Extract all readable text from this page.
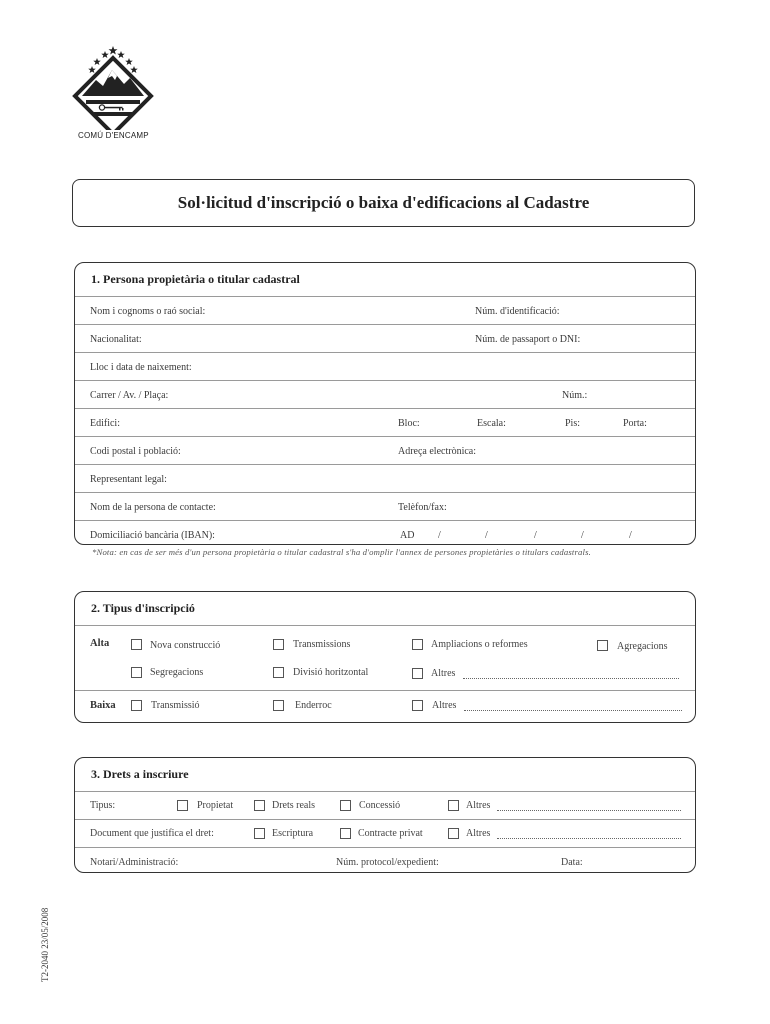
COMÚ D'ENCAMP
Sol·licitud d'inscripció o baixa d'edificacions al Cadastre
1. Persona propietària o titular cadastral
Nom i cognoms o raó social:	Núm. d'identificació:
Nacionalitat:	Núm. de passaport o DNI:
Lloc i data de naixement:
Carrer / Av. / Plaça:	Núm.:
Edifici:	Bloc:	Escala:	Pis:	Porta:
Codi postal i població:	Adreça electrònica:
Representant legal:
Nom de la persona de contacte:	Telèfon/fax:
Domiciliació bancària (IBAN):	AD /	/	/	/	/
*Nota: en cas de ser més d'un persona propietària o titular cadastral s'ha d'omplir l'annex de persones propietàries o titulars cadastrals.
2. Tipus d'inscripció
Alta	Nova construcció	Transmissions	Ampliacions o reformes	Agregacions
Segregacions	Divisió horitzontal	Altres
Baixa	Transmissió	Enderroc	Altres
3. Drets a inscriure
Tipus:	Propietat	Drets reals	Concessió	Altres
Document que justifica el dret:	Escriptura	Contracte privat	Altres
Notari/Administració:	Núm. protocol/expedient:	Data:
T2-2040 23/05/2008
